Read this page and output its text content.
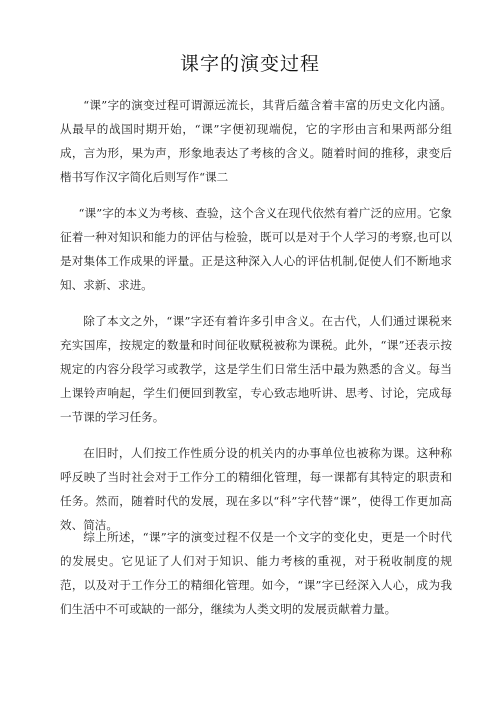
课字的演变过程

“课”字的演变过程可谓源远流长，其背后蕴含着丰富的历史文化内涵。从最早的战国时期开始，“课”字便初现端倪，它的字形由言和果两部分组成，言为形，果为声，形象地表达了考核的含义。随着时间的推移，隶变后楷书写作汉字简化后则写作“课二

“课”字的本义为考核、查验，这个含义在现代依然有着广泛的应用。它象征着一种对知识和能力的评估与检验，既可以是对于个人学习的考察,也可以是对集体工作成果的评量。正是这种深入人心的评估机制,促使人们不断地求知、求新、求进。

除了本文之外，“课”字还有着许多引申含义。在古代，人们通过课税来充实国库，按规定的数量和时间征收赋税被称为课税。此外，“课”还表示按规定的内容分段学习或教学，这是学生们日常生活中最为熟悉的含义。每当上课铃声响起，学生们便回到教室，专心致志地听讲、思考、讨论，完成每一节课的学习任务。

在旧时，人们按工作性质分设的机关内的办事单位也被称为课。这种称呼反映了当时社会对于工作分工的精细化管理，每一课都有其特定的职责和任务。然而，随着时代的发展，现在多以“科”字代替“课”，使得工作更加高效、简洁。

综上所述，“课”字的演变过程不仅是一个文字的变化史，更是一个时代的发展史。它见证了人们对于知识、能力考核的重视，对于税收制度的规范，以及对于工作分工的精细化管理。如今，“课”字已经深入人心，成为我们生活中不可或缺的一部分，继续为人类文明的发展贡献着力量。
